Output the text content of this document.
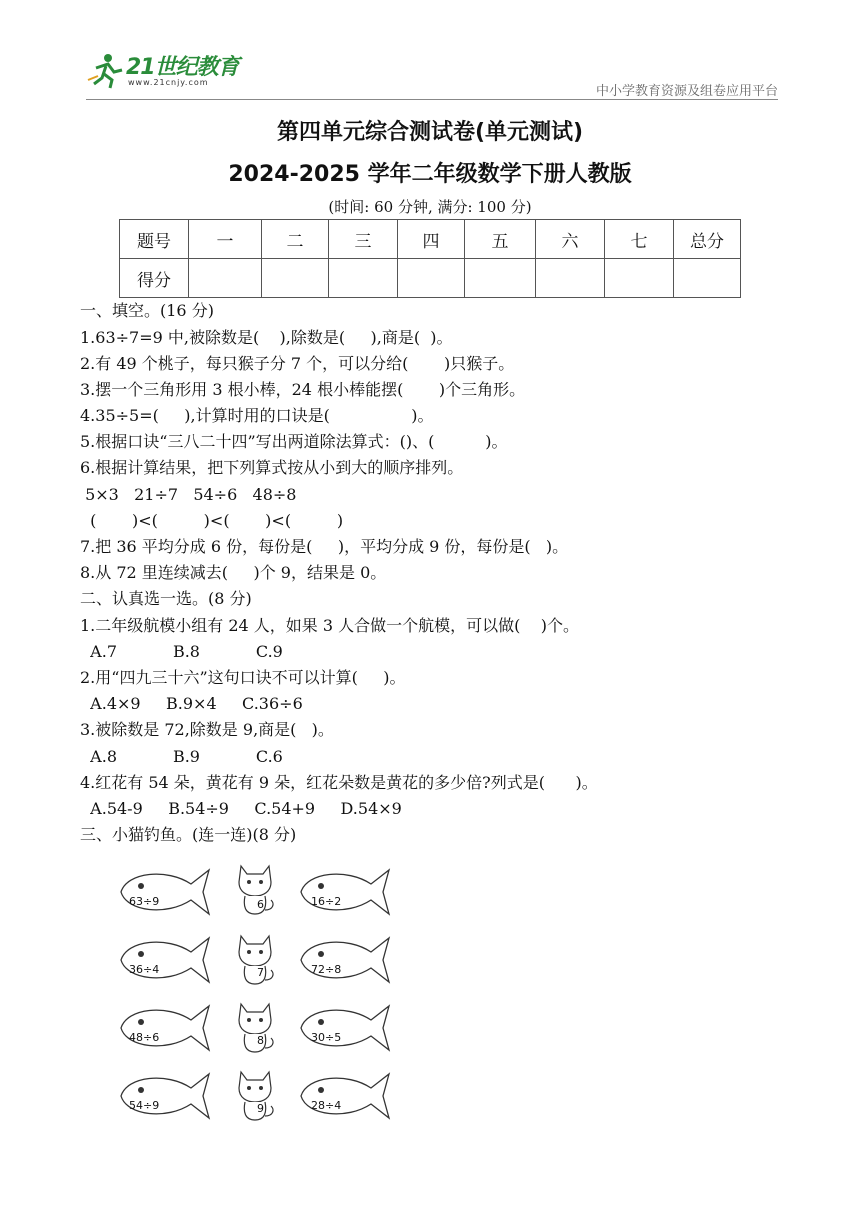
21世纪教育
www.21cnjy.com
中小学教育资源及组卷应用平台
第四单元综合测试卷(单元测试)
2024-2025 学年二年级数学下册人教版
(时间: 60 分钟, 满分: 100 分)
题号	一	二	三	四	五	六	七	总分
得分								
一、填空。(16 分)
1.63÷7=9 中,被除数是(    ),除数是(     ),商是(  )。
2.有 49 个桃子，每只猴子分 7 个，可以分给(       )只猴子。
3.摆一个三角形用 3 根小棒，24 根小棒能摆(       )个三角形。
4.35÷5=(     ),计算时用的口诀是(                )。
5.根据口诀“三八二十四”写出两道除法算式：()、(          )。
6.根据计算结果，把下列算式按从小到大的顺序排列。
5×3   21÷7   54÷6   48÷8
(       )<(         )<(       )<(         )
7.把 36 平均分成 6 份，每份是(     )，平均分成 9 份，每份是(   )。
8.从 72 里连续减去(     )个 9，结果是 0。
二、认真选一选。(8 分)
1.二年级航模小组有 24 人，如果 3 人合做一个航模，可以做(    )个。
A.7           B.8           C.9
2.用“四九三十六”这句口诀不可以计算(     )。
A.4×9     B.9×4     C.36÷6
3.被除数是 72,除数是 9,商是(   )。
A.8           B.9           C.6
4.红花有 54 朵，黄花有 9 朵，红花朵数是黄花的多少倍?列式是(      )。
A.54-9     B.54÷9     C.54+9     D.54×9
三、小猫钓鱼。(连一连)(8 分)
63÷9	6	16÷2
36÷4	7	72÷8
48÷6	8	30÷5
54÷9	9	28÷4
